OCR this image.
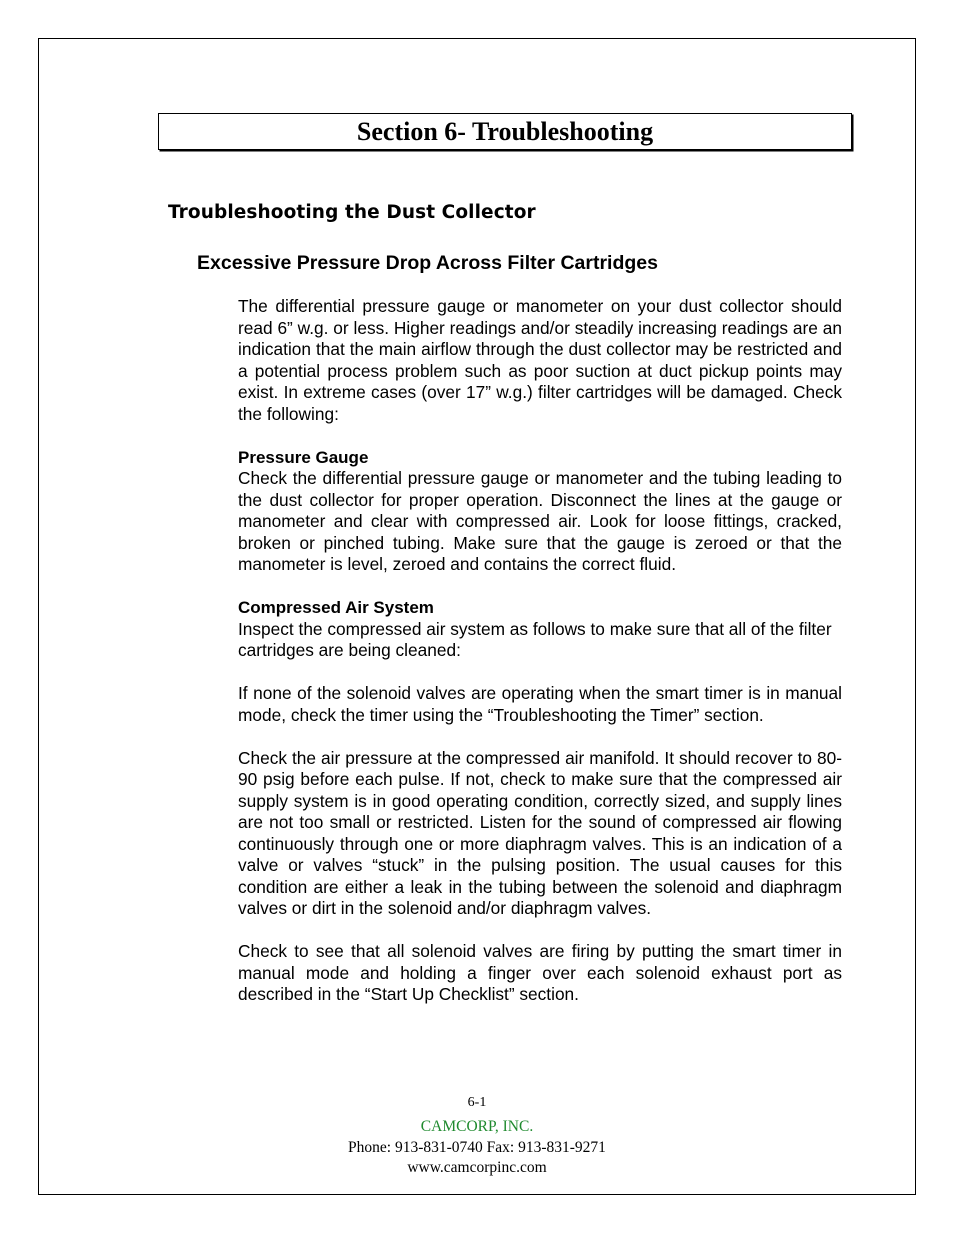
Section 6- Troubleshooting
Troubleshooting the Dust Collector
Excessive Pressure Drop Across Filter Cartridges

The differential pressure gauge or manometer on your dust collector should read 6” w.g. or less. Higher readings and/or steadily increasing readings are an indication that the main airflow through the dust collector may be restricted and a potential process problem such as poor suction at duct pickup points may exist. In extreme cases (over 17” w.g.) filter cartridges will be damaged. Check the following:

Pressure Gauge

Check the differential pressure gauge or manometer and the tubing leading to the dust collector for proper operation. Disconnect the lines at the gauge or manometer and clear with compressed air. Look for loose fittings, cracked, broken or pinched tubing. Make sure that the gauge is zeroed or that the manometer is level, zeroed and contains the correct fluid.

Compressed Air System

Inspect the compressed air system as follows to make sure that all of the filter cartridges are being cleaned:

If none of the solenoid valves are operating when the smart timer is in manual mode, check the timer using the “Troubleshooting the Timer” section.

Check the air pressure at the compressed air manifold. It should recover to 80-90 psig before each pulse. If not, check to make sure that the compressed air supply system is in good operating condition, correctly sized, and supply lines are not too small or restricted. Listen for the sound of compressed air flowing continuously through one or more diaphragm valves. This is an indication of a valve or valves “stuck” in the pulsing position. The usual causes for this condition are either a leak in the tubing between the solenoid and diaphragm valves or dirt in the solenoid and/or diaphragm valves.

Check to see that all solenoid valves are firing by putting the smart timer in manual mode and holding a finger over each solenoid exhaust port as described in the “Start Up Checklist” section.

6-1
CAMCORP, INC.
Phone: 913-831-0740 Fax: 913-831-9271
www.camcorpinc.com
